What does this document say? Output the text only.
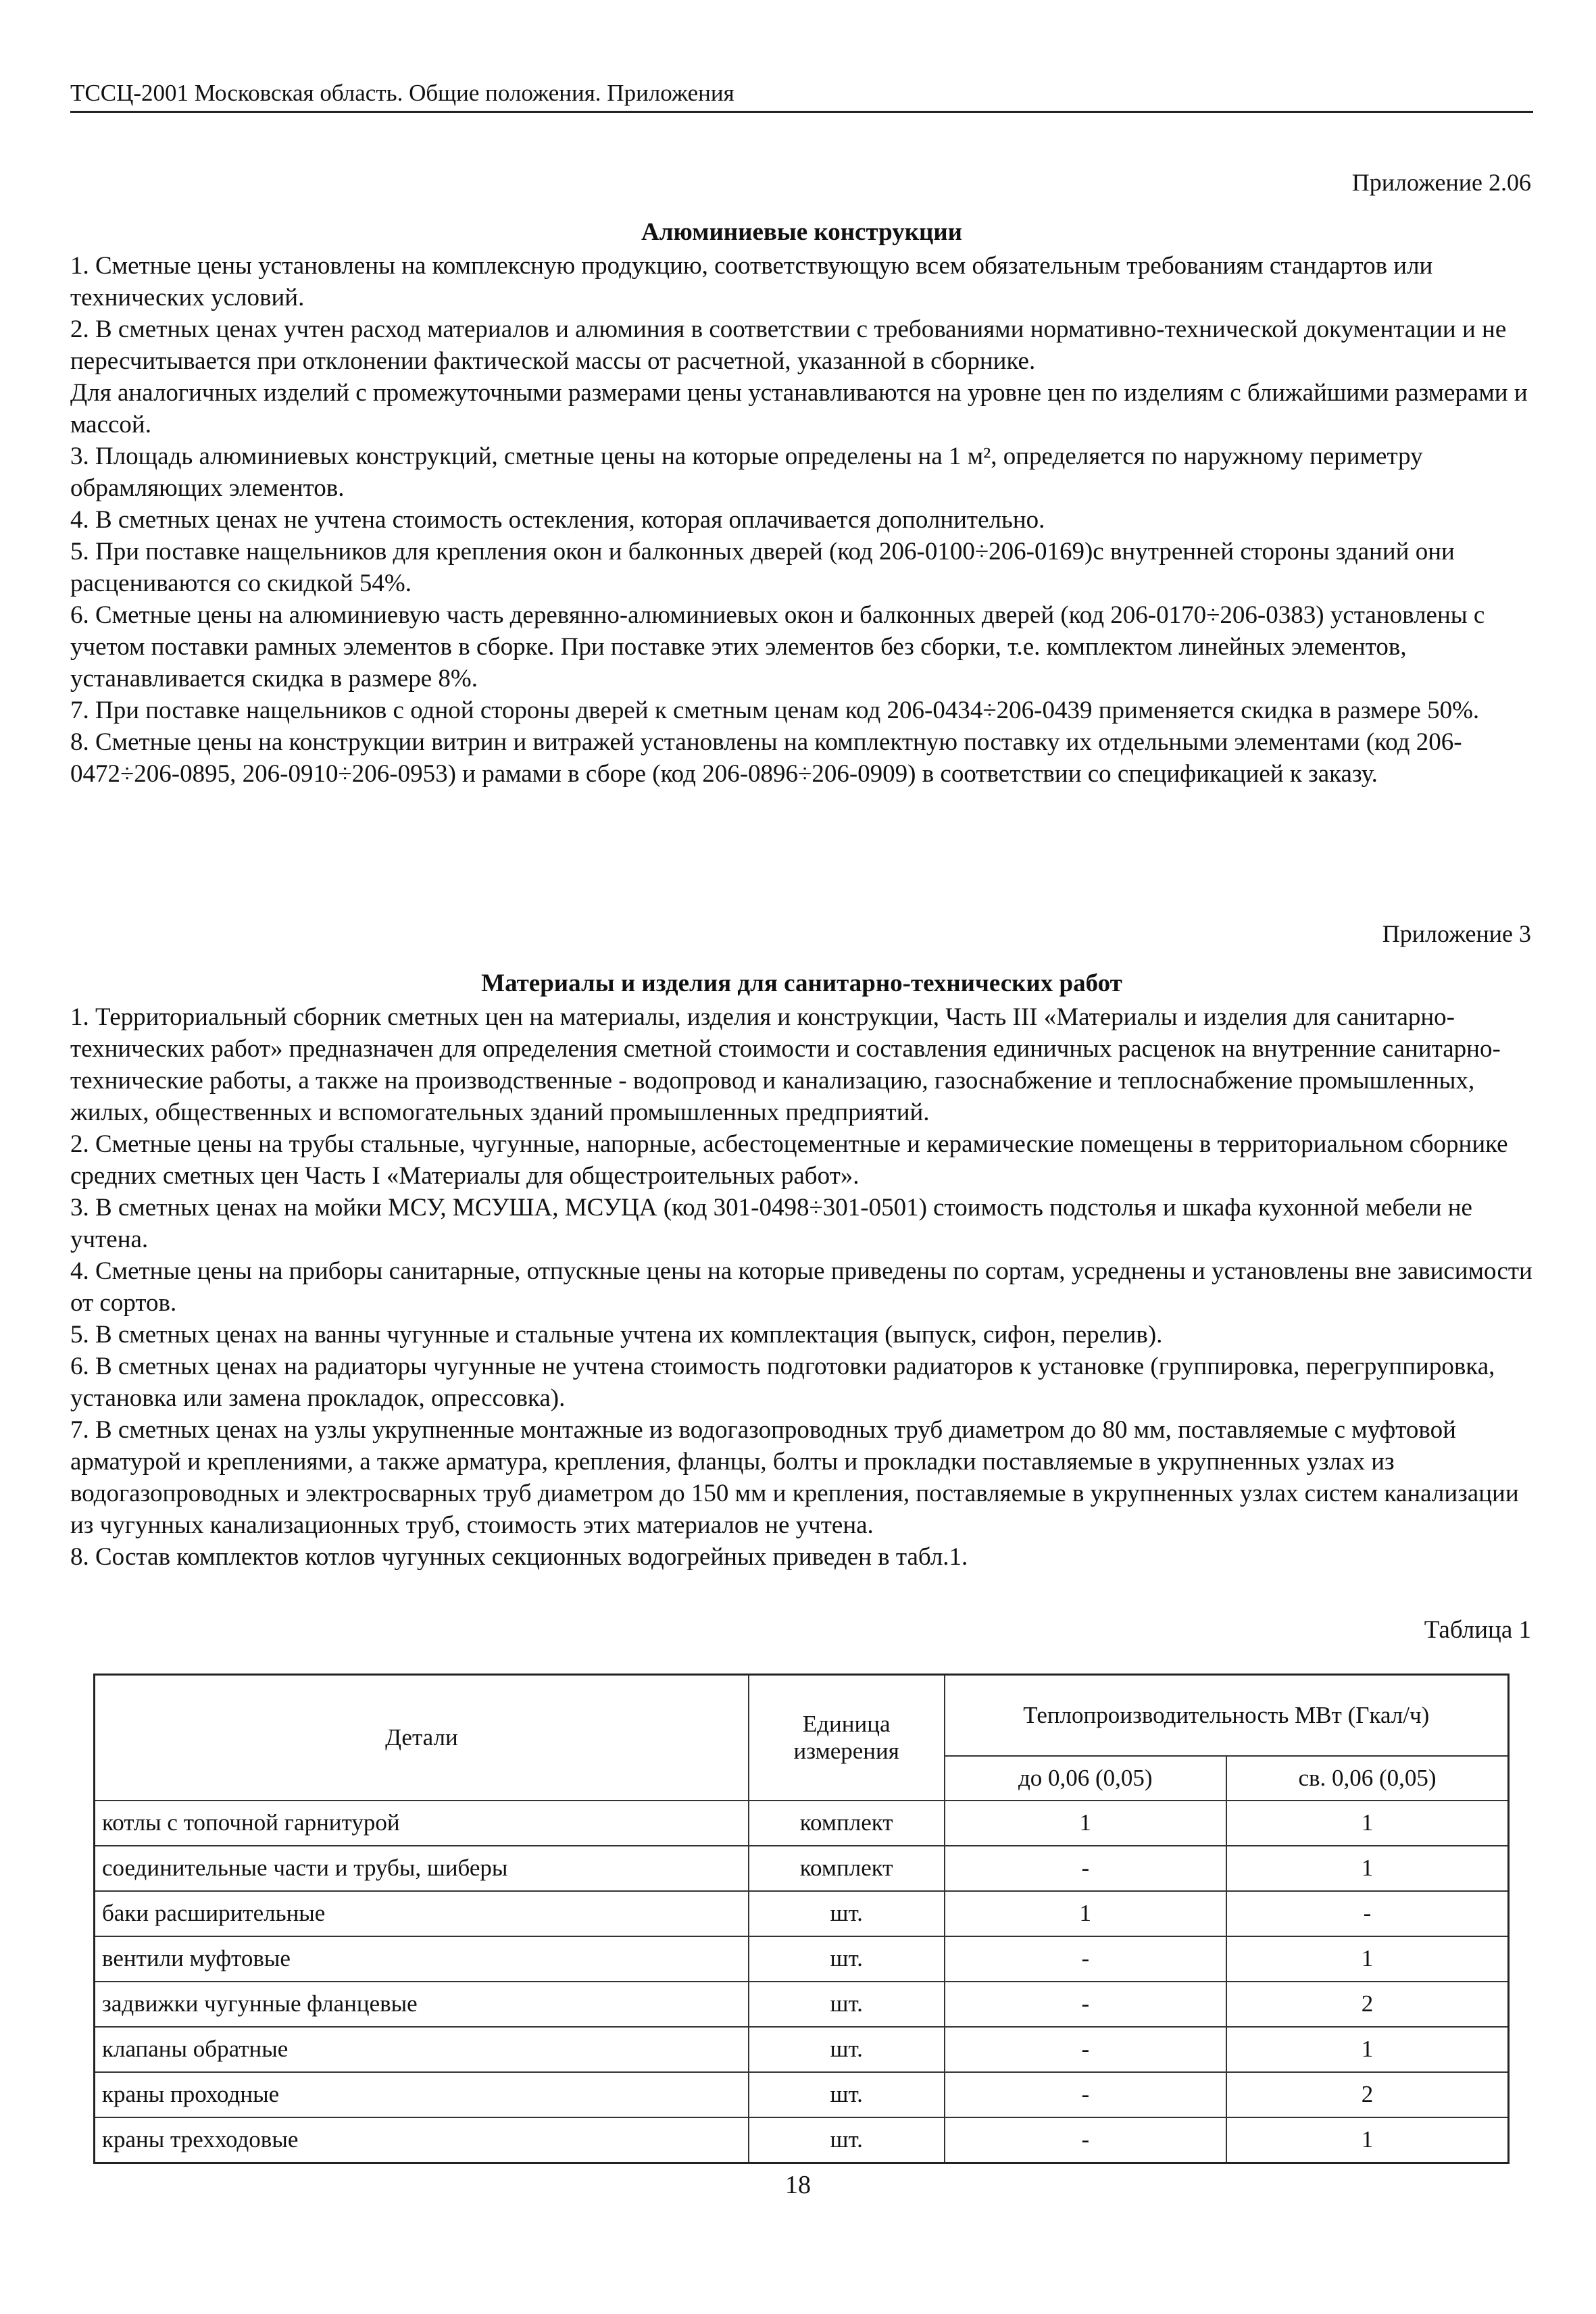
ТССЦ-2001 Московская область. Общие положения. Приложения
Приложение 2.06
Алюминиевые конструкции

1. Сметные цены установлены на комплексную продукцию, соответствующую всем обязательным требованиям стандартов или технических условий.

2. В сметных ценах учтен расход материалов и алюминия в соответствии с требованиями нормативно-технической документации и не пересчитывается при отклонении фактической массы от расчетной, указанной в сборнике.

Для аналогичных изделий с промежуточными размерами цены устанавливаются на уровне цен по изделиям с ближайшими размерами и массой.

3. Площадь алюминиевых конструкций, сметные цены на которые определены на 1 м², определяется по наружному периметру обрамляющих элементов.

4. В сметных ценах не учтена стоимость остекления, которая оплачивается дополнительно.

5. При поставке нащельников для крепления окон и балконных дверей (код 206-0100÷206-0169)с внутренней стороны зданий они расцениваются со скидкой 54%.

6. Сметные цены на алюминиевую часть деревянно-алюминиевых окон и балконных дверей (код 206-0170÷206-0383) установлены с учетом поставки рамных элементов в сборке. При поставке этих элементов без сборки, т.е. комплектом линейных элементов, устанавливается скидка в размере 8%.

7. При поставке нащельников с одной стороны дверей к сметным ценам код 206-0434÷206-0439 применяется скидка в размере 50%.

8. Сметные цены на конструкции витрин и витражей установлены на комплектную поставку их отдельными элементами (код 206-0472÷206-0895, 206-0910÷206-0953) и рамами в сборе (код 206-0896÷206-0909) в соответствии со спецификацией к заказу.

Приложение 3
Материалы и изделия для санитарно-технических работ

1. Территориальный сборник сметных цен на материалы, изделия и конструкции, Часть III «Материалы и изделия для санитарно-технических работ» предназначен для определения сметной стоимости и составления единичных расценок на внутренние санитарно-технические работы, а также на производственные - водопровод и канализацию, газоснабжение и теплоснабжение промышленных, жилых, общественных и вспомогательных зданий промышленных предприятий.

2. Сметные цены на трубы стальные, чугунные, напорные, асбестоцементные и керамические помещены в территориальном сборнике средних сметных цен Часть I «Материалы для общестроительных работ».

3. В сметных ценах на мойки МСУ, МСУША, МСУЦА (код 301-0498÷301-0501) стоимость подстолья и шкафа кухонной мебели не учтена.

4. Сметные цены на приборы санитарные, отпускные цены на которые приведены по сортам, усреднены и установлены вне зависимости от сортов.

5. В сметных ценах на ванны чугунные и стальные учтена их комплектация (выпуск, сифон, перелив).

6. В сметных ценах на радиаторы чугунные не учтена стоимость подготовки радиаторов к установке (группировка, перегруппировка, установка или замена прокладок, опрессовка).

7. В сметных ценах на узлы укрупненные монтажные из водогазопроводных труб диаметром до 80 мм, поставляемые с муфтовой арматурой и креплениями, а также арматура, крепления, фланцы, болты и прокладки поставляемые в укрупненных узлах из водогазопроводных и электросварных труб диаметром до 150 мм и крепления, поставляемые в укрупненных узлах систем канализации из чугунных канализационных труб, стоимость этих материалов не учтена.

8. Состав комплектов котлов чугунных секционных водогрейных приведен в табл.1.

Таблица 1
Детали	Единица измерения	Теплопроизводительность МВт (Гкал/ч)	
		до 0,06 (0,05)	св. 0,06 (0,05)
котлы с топочной гарнитурой	комплект	1	1
соединительные части и трубы, шиберы	комплект	-	1
баки расширительные	шт.	1	-
вентили муфтовые	шт.	-	1
задвижки чугунные фланцевые	шт.	-	2
клапаны обратные	шт.	-	1
краны проходные	шт.	-	2
краны трехходовые	шт.	-	1
18
